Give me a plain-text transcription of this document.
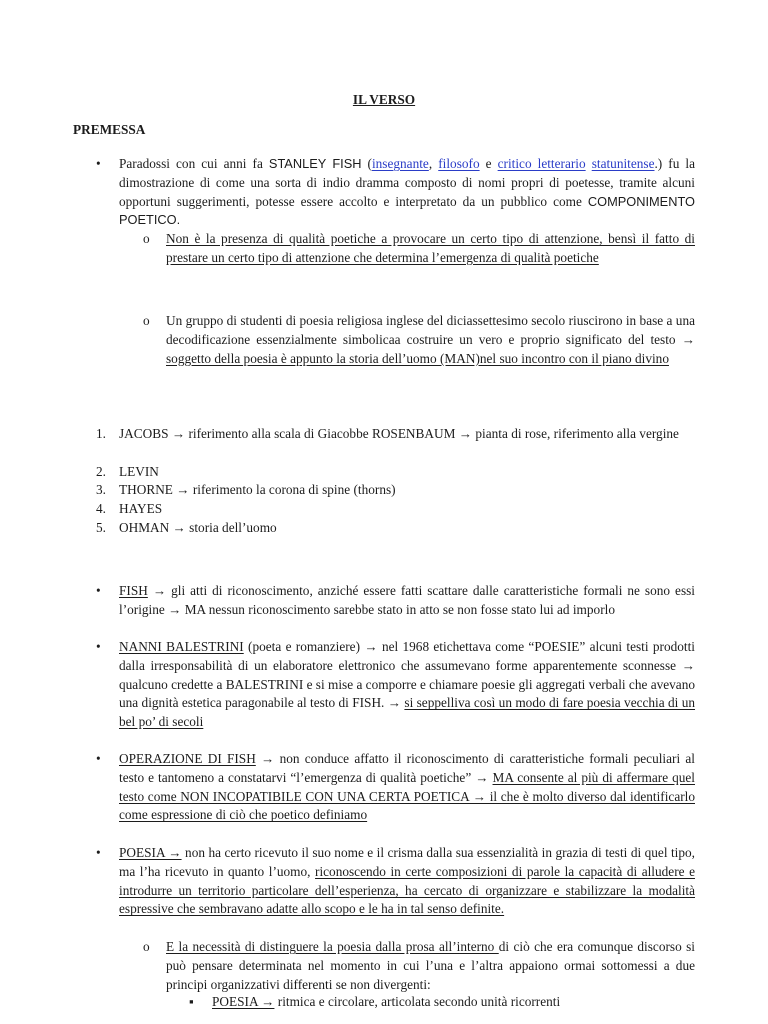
IL VERSO
PREMESSA
• Paradossi con cui anni fa STANLEY FISH (insegnante, filosofo e critico letterario statunitense.) fu la dimostrazione di come una sorta di indio dramma composto di nomi propri di poetesse, tramite alcuni opportuni suggerimenti, potesse essere accolto e interpretato da un pubblico come COMPONIMENTO POETICO.
o Non è la presenza di qualità poetiche a provocare un certo tipo di attenzione, bensì il fatto di prestare un certo tipo di attenzione che determina l’emergenza di qualità poetiche
o Un gruppo di studenti di poesia religiosa inglese del diciassettesimo secolo riuscirono in base a una decodificazione essenzialmente simbolicaa costruire un vero e proprio significato del testo → soggetto della poesia è appunto la storia dell’uomo (MAN)nel suo incontro con il piano divino
1. JACOBS → riferimento alla scala di Giacobbe ROSENBAUM → pianta di rose, riferimento alla vergine
2. LEVIN
3. THORNE → riferimento la corona di spine (thorns)
4. HAYES
5. OHMAN → storia dell’uomo
• FISH → gli atti di riconoscimento, anziché essere fatti scattare dalle caratteristiche formali ne sono essi l’origine → MA nessun riconoscimento sarebbe stato in atto se non fosse stato lui ad imporlo
• NANNI BALESTRINI (poeta e romanziere) → nel 1968 etichettava come “POESIE” alcuni testi prodotti dalla irresponsabilità di un elaboratore elettronico che assumevano forme apparentemente sconnesse → qualcuno credette a BALESTRINI e si mise a comporre e chiamare poesie gli aggregati verbali che avevano una dignità estetica paragonabile al testo di FISH. → si seppelliva così un modo di fare poesia vecchia di un bel po’ di secoli
• OPERAZIONE DI FISH → non conduce affatto il riconoscimento di caratteristiche formali peculiari al testo e tantomeno a constatarvi “l’emergenza di qualità poetiche” → MA consente al più di affermare quel testo come NON INCOPATIBILE CON UNA CERTA POETICA → il che è molto diverso dal identificarlo come espressione di ciò che poetico definiamo
• POESIA → non ha certo ricevuto il suo nome e il crisma dalla sua essenzialità in grazia di testi di quel tipo, ma l’ha ricevuto in quanto l’uomo, riconoscendo in certe composizioni di parole la capacità di alludere e introdurre un territorio particolare dell’esperienza, ha cercato di organizzare e stabilizzare la modalità espressive che sembravano adatte allo scopo e le ha in tal senso definite.
o E la necessità di distinguere la poesia dalla prosa all’interno di ciò che era comunque discorso si può pensare determinata nel momento in cui l’una e l’altra appaiono ormai sottomessi a due principi organizzativi differenti se non divergenti:
▪ POESIA → ritmica e circolare, articolata secondo unità ricorrenti
